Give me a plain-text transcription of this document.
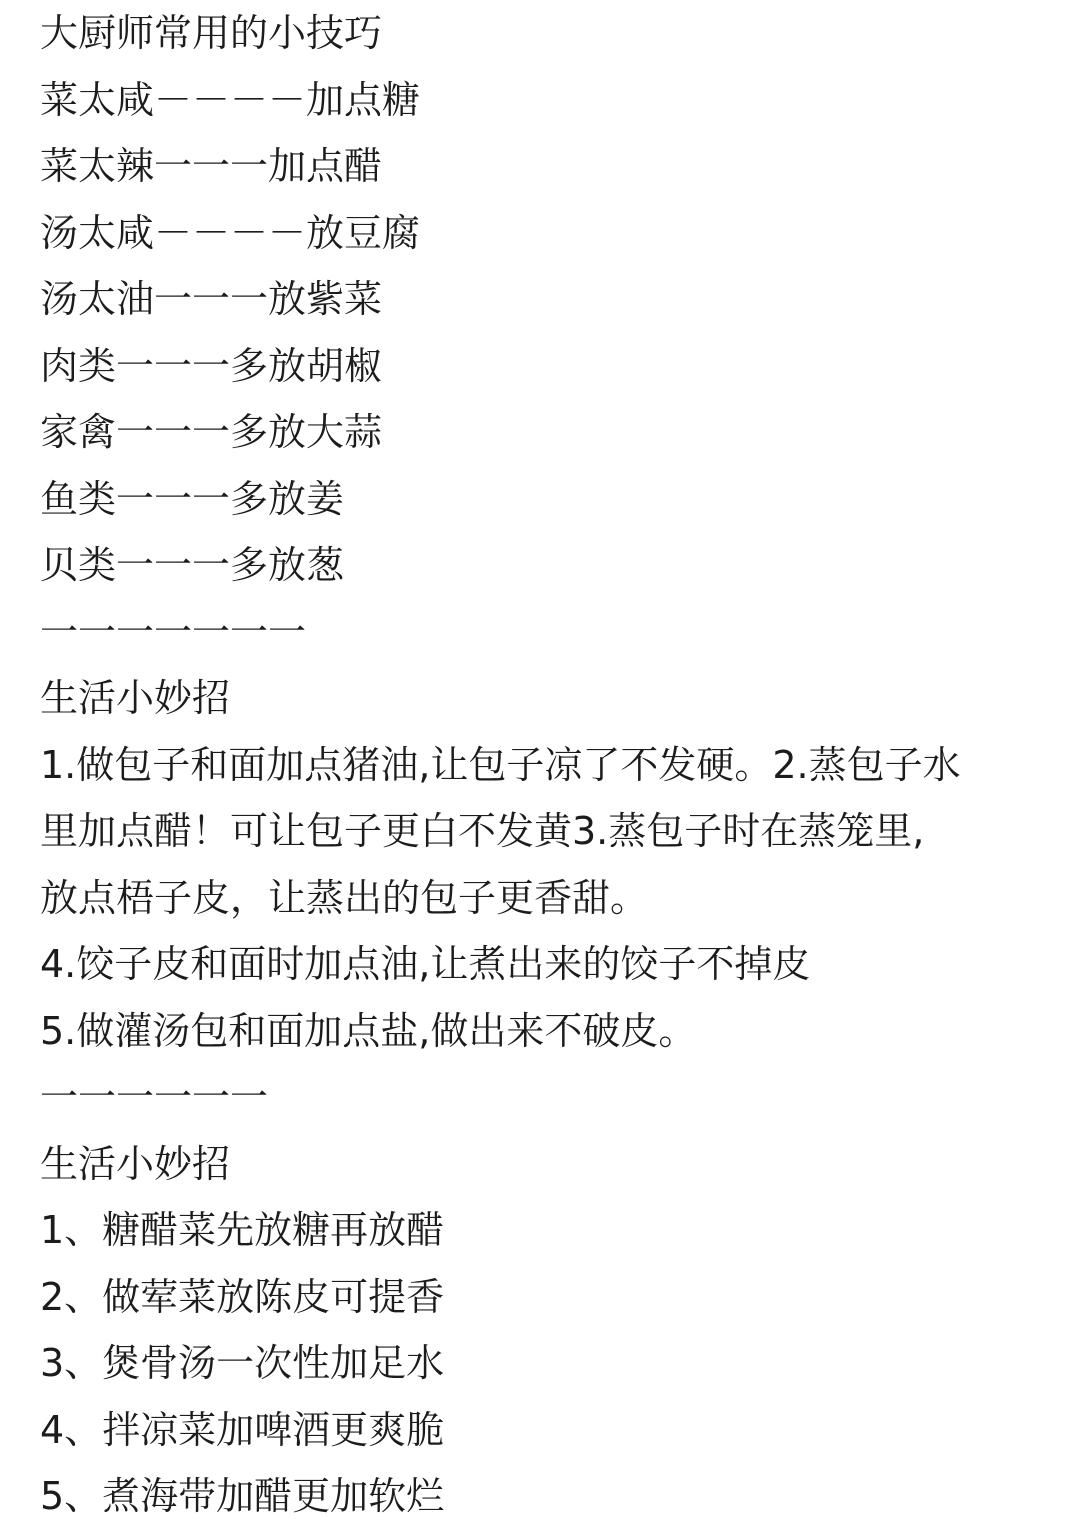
大厨师常用的小技巧
菜太咸－－－－加点糖
菜太辣一一一加点醋
汤太咸－－－－放豆腐
汤太油一一一放紫菜
肉类一一一多放胡椒
家禽一一一多放大蒜
鱼类一一一多放姜
贝类一一一多放葱
一一一一一一一
生活小妙招
1.做包子和面加点猪油,让包子凉了不发硬。2.蒸包子水
里加点醋！可让包子更白不发黄3.蒸包子时在蒸笼里,
放点梧子皮，让蒸出的包子更香甜。
4.饺子皮和面时加点油,让煮出来的饺子不掉皮
5.做灌汤包和面加点盐,做出来不破皮。
一一一一一一
生活小妙招
1、糖醋菜先放糖再放醋
2、做荤菜放陈皮可提香
3、煲骨汤一次性加足水
4、拌凉菜加啤酒更爽脆
5、煮海带加醋更加软烂
